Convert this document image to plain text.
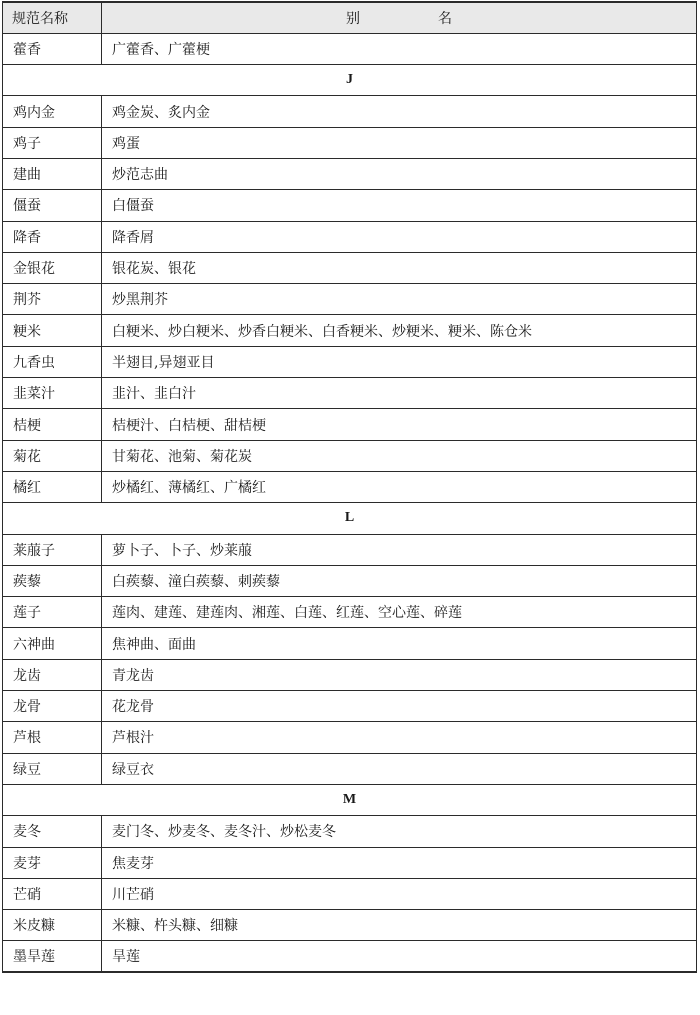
规范名称	别 名
藿香	广藿香、广藿梗
J	
鸡内金	鸡金炭、炙内金
鸡子	鸡蛋
建曲	炒范志曲
僵蚕	白僵蚕
降香	降香屑
金银花	银花炭、银花
荆芥	炒黑荆芥
粳米	白粳米、炒白粳米、炒香白粳米、白香粳米、炒粳米、粳米、陈仓米
九香虫	半翅目,异翅亚目
韭菜汁	韭汁、韭白汁
桔梗	桔梗汁、白桔梗、甜桔梗
菊花	甘菊花、池菊、菊花炭
橘红	炒橘红、薄橘红、广橘红
L	
莱菔子	萝卜子、卜子、炒莱菔
蒺藜	白蒺藜、潼白蒺藜、刺蒺藜
莲子	莲肉、建莲、建莲肉、湘莲、白莲、红莲、空心莲、碎莲
六神曲	焦神曲、面曲
龙齿	青龙齿
龙骨	花龙骨
芦根	芦根汁
绿豆	绿豆衣
M	
麦冬	麦门冬、炒麦冬、麦冬汁、炒松麦冬
麦芽	焦麦芽
芒硝	川芒硝
米皮糠	米糠、杵头糠、细糠
墨旱莲	旱莲
